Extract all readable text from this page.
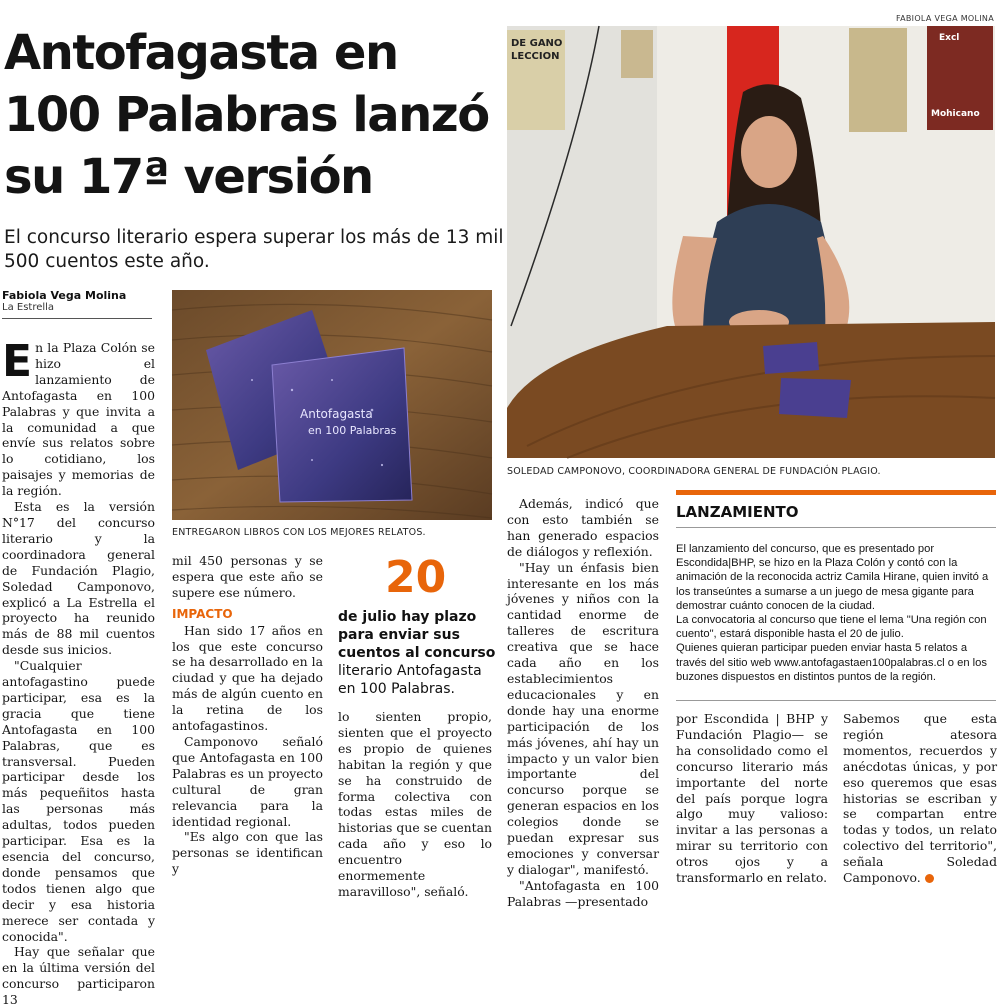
FABIOLA VEGA MOLINA
Antofagasta en 100 Palabras lanzó su 17ª versión
El concurso literario espera superar los más de 13 mil 500 cuentos este año.
Fabiola Vega Molina
La Estrella

En la Plaza Colón se hizo el lanzamiento de Antofagasta en 100 Palabras y que invita a la comunidad a que envíe sus relatos sobre lo cotidiano, los paisajes y memorias de la región.

Esta es la versión N°17 del concurso literario y la coordinadora general de Fundación Plagio, Soledad Camponovo, explicó a La Estrella el proyecto ha reunido más de 88 mil cuentos desde sus inicios.

"Cualquier antofagastino puede participar, esa es la gracia que tiene Antofagasta en 100 Palabras, que es transversal. Pueden participar desde los más pequeñitos hasta las personas más adultas, todos pueden participar. Esa es la esencia del concurso, donde pensamos que todos tienen algo que decir y esa historia merece ser contada y conocida".

Hay que señalar que en la última versión del concurso participaron 13

Antofagasta
en 100 Palabras
ENTREGARON LIBROS CON LOS MEJORES RELATOS.

mil 450 personas y se espera que este año se supere ese número.

IMPACTO

Han sido 17 años en los que este concurso se ha desarrollado en la ciudad y que ha dejado más de algún cuento en la retina de los antofagastinos.

Camponovo señaló que Antofagasta en 100 Palabras es un proyecto cultural de gran relevancia para la identidad regional.

"Es algo con que las personas se identifican y

20
de julio hay plazo para enviar sus cuentos al concurso literario Antofagasta en 100 Palabras.

lo sienten propio, sienten que el proyecto es propio de quienes habitan la región y que se ha construido de forma colectiva con todas estas miles de historias que se cuentan cada año y eso lo encuentro enormemente maravilloso", señaló.

DE GANO
LECCION
Excl
Mohicano
SOLEDAD CAMPONOVO, COORDINADORA GENERAL DE FUNDACIÓN PLAGIO.

Además, indicó que con esto también se han generado espacios de diálogos y reflexión.

"Hay un énfasis bien interesante en los más jóvenes y niños con la cantidad enorme de talleres de escritura creativa que se hace cada año en los establecimientos educacionales y en donde hay una enorme participación de los más jóvenes, ahí hay un impacto y un valor bien importante del concurso porque se generan espacios en los colegios donde se puedan expresar sus emociones y conversar y dialogar", manifestó.

"Antofagasta en 100 Palabras —presentado

LANZAMIENTO

El lanzamiento del concurso, que es presentado por Escondida|BHP, se hizo en la Plaza Colón y contó con la animación de la reconocida actriz Camila Hirane, quien invitó a los transeúntes a sumarse a un juego de mesa gigante para demostrar cuánto conocen de la ciudad.

La convocatoria al concurso que tiene el lema "Una región con cuento", estará disponible hasta el 20 de julio.

Quienes quieran participar pueden enviar hasta 5 relatos a través del sitio web www.antofagastaen100palabras.cl o en los buzones dispuestos en distintos puntos de la región.

por Escondida | BHP y Fundación Plagio— se ha consolidado como el concurso literario más importante del norte del país porque logra algo muy valioso: invitar a las personas a mirar su territorio con otros ojos y a transformarlo en relato.

Sabemos que esta región atesora momentos, recuerdos y anécdotas únicas, y por eso queremos que esas historias se escriban y se compartan entre todas y todos, un relato colectivo del territorio", señala Soledad Camponovo.
